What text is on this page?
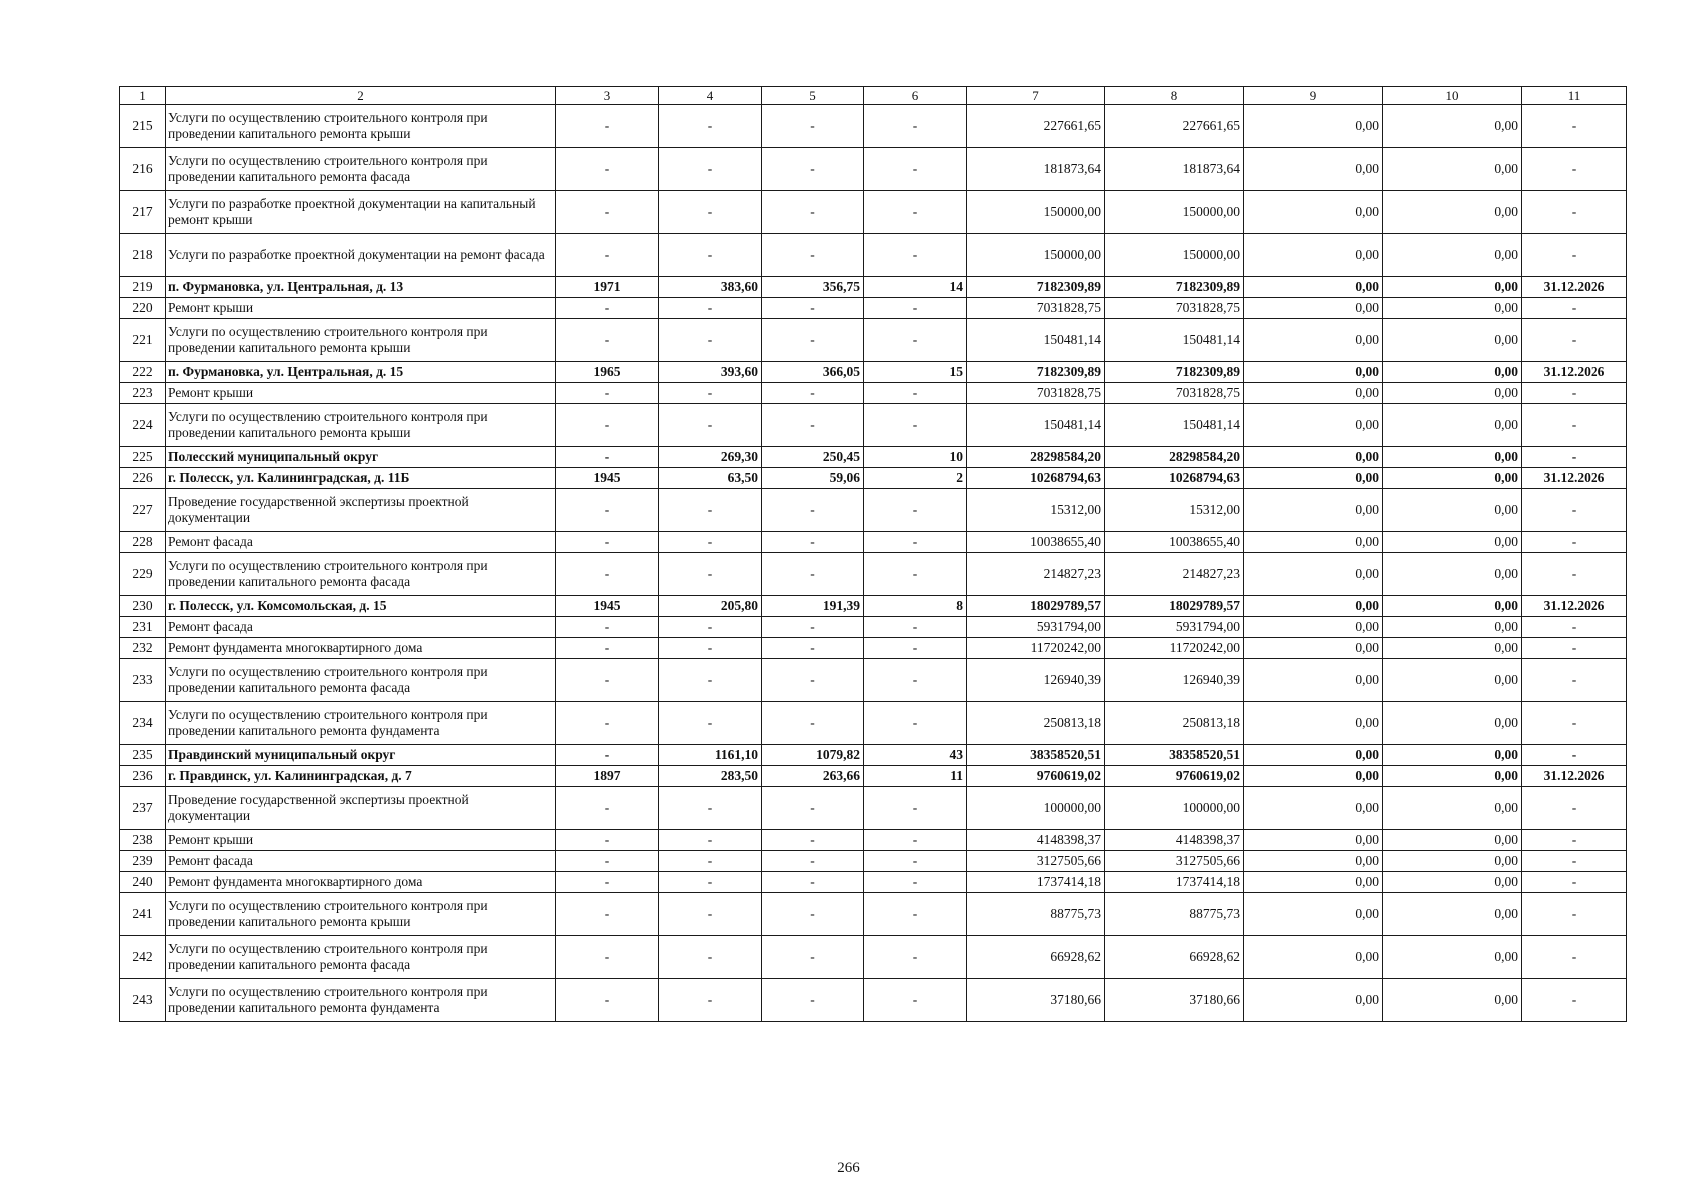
1	2	3	4	5	6	7	8	9	10	11
215	Услуги по осуществлению строительного контроля при проведении капитального ремонта крыши	-	-	-	-	227661,65	227661,65	0,00	0,00	-
216	Услуги по осуществлению строительного контроля при проведении капитального ремонта фасада	-	-	-	-	181873,64	181873,64	0,00	0,00	-
217	Услуги по разработке проектной документации на капитальный ремонт крыши	-	-	-	-	150000,00	150000,00	0,00	0,00	-
218	Услуги по разработке проектной документации на ремонт фасада	-	-	-	-	150000,00	150000,00	0,00	0,00	-
219	п. Фурмановка, ул. Центральная, д. 13	1971	383,60	356,75	14	7182309,89	7182309,89	0,00	0,00	31.12.2026
220	Ремонт крыши	-	-	-	-	7031828,75	7031828,75	0,00	0,00	-
221	Услуги по осуществлению строительного контроля при проведении капитального ремонта крыши	-	-	-	-	150481,14	150481,14	0,00	0,00	-
222	п. Фурмановка, ул. Центральная, д. 15	1965	393,60	366,05	15	7182309,89	7182309,89	0,00	0,00	31.12.2026
223	Ремонт крыши	-	-	-	-	7031828,75	7031828,75	0,00	0,00	-
224	Услуги по осуществлению строительного контроля при проведении капитального ремонта крыши	-	-	-	-	150481,14	150481,14	0,00	0,00	-
225	Полесский муниципальный округ	-	269,30	250,45	10	28298584,20	28298584,20	0,00	0,00	-
226	г. Полесск, ул. Калининградская, д. 11Б	1945	63,50	59,06	2	10268794,63	10268794,63	0,00	0,00	31.12.2026
227	Проведение государственной экспертизы проектной документации	-	-	-	-	15312,00	15312,00	0,00	0,00	-
228	Ремонт фасада	-	-	-	-	10038655,40	10038655,40	0,00	0,00	-
229	Услуги по осуществлению строительного контроля при проведении капитального ремонта фасада	-	-	-	-	214827,23	214827,23	0,00	0,00	-
230	г. Полесск, ул. Комсомольская, д. 15	1945	205,80	191,39	8	18029789,57	18029789,57	0,00	0,00	31.12.2026
231	Ремонт фасада	-	-	-	-	5931794,00	5931794,00	0,00	0,00	-
232	Ремонт фундамента многоквартирного дома	-	-	-	-	11720242,00	11720242,00	0,00	0,00	-
233	Услуги по осуществлению строительного контроля при проведении капитального ремонта фасада	-	-	-	-	126940,39	126940,39	0,00	0,00	-
234	Услуги по осуществлению строительного контроля при проведении капитального ремонта фундамента	-	-	-	-	250813,18	250813,18	0,00	0,00	-
235	Правдинский муниципальный округ	-	1161,10	1079,82	43	38358520,51	38358520,51	0,00	0,00	-
236	г. Правдинск, ул. Калининградская, д. 7	1897	283,50	263,66	11	9760619,02	9760619,02	0,00	0,00	31.12.2026
237	Проведение государственной экспертизы проектной документации	-	-	-	-	100000,00	100000,00	0,00	0,00	-
238	Ремонт крыши	-	-	-	-	4148398,37	4148398,37	0,00	0,00	-
239	Ремонт фасада	-	-	-	-	3127505,66	3127505,66	0,00	0,00	-
240	Ремонт фундамента многоквартирного дома	-	-	-	-	1737414,18	1737414,18	0,00	0,00	-
241	Услуги по осуществлению строительного контроля при проведении капитального ремонта крыши	-	-	-	-	88775,73	88775,73	0,00	0,00	-
242	Услуги по осуществлению строительного контроля при проведении капитального ремонта фасада	-	-	-	-	66928,62	66928,62	0,00	0,00	-
243	Услуги по осуществлению строительного контроля при проведении капитального ремонта фундамента	-	-	-	-	37180,66	37180,66	0,00	0,00	-
266
